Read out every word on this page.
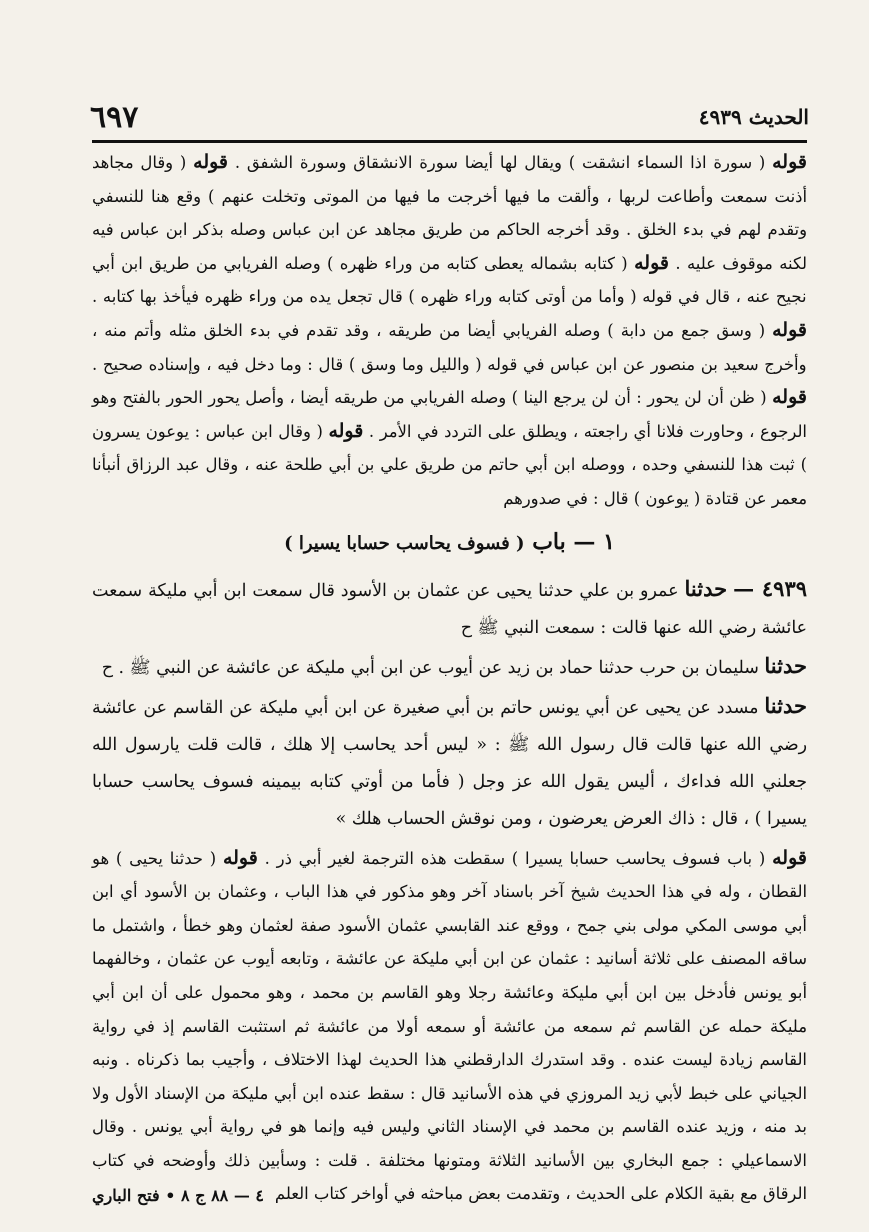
الحديث ٤٩٣٩
٦٩٧

قوله ( سورة اذا السماء انشقت ) ويقال لها أيضا سورة الانشقاق وسورة الشفق . قوله ( وقال مجاهد أذنت سمعت وأطاعت لربها ، وألقت ما فيها أخرجت ما فيها من الموتى وتخلت عنهم ) وقع هنا للنسفي وتقدم لهم في بدء الخلق . وقد أخرجه الحاكم من طريق مجاهد عن ابن عباس وصله بذكر ابن عباس فيه لكنه موقوف عليه . قوله ( كتابه بشماله يعطى كتابه من وراء ظهره ) وصله الفريابي من طريق ابن أبي نجيح عنه ، قال في قوله ( وأما من أوتى كتابه وراء ظهره ) قال تجعل يده من وراء ظهره فيأخذ بها كتابه . قوله ( وسق جمع من دابة ) وصله الفريابي أيضا من طريقه ، وقد تقدم في بدء الخلق مثله وأتم منه ، وأخرج سعيد بن منصور عن ابن عباس في قوله ( والليل وما وسق ) قال : وما دخل فيه ، وإسناده صحيح . قوله ( ظن أن لن يحور : أن لن يرجع الينا ) وصله الفريابي من طريقه أيضا ، وأصل يحور الحور بالفتح وهو الرجوع ، وحاورت فلانا أي راجعته ، ويطلق على التردد في الأمر . قوله ( وقال ابن عباس : يوعون يسرون ) ثبت هذا للنسفي وحده ، ووصله ابن أبي حاتم من طريق علي بن أبي طلحة عنه ، وقال عبد الرزاق أنبأنا معمر عن قتادة ( يوعون ) قال : في صدورهم

١ — باب ( فسوف يحاسب حسابا يسيرا )

٤٩٣٩ — حدثنا عمرو بن علي حدثنا يحيى عن عثمان بن الأسود قال سمعت ابن أبي مليكة سمعت عائشة رضي الله عنها قالت : سمعت النبي ﷺ ح

حدثنا سليمان بن حرب حدثنا حماد بن زيد عن أيوب عن ابن أبي مليكة عن عائشة عن النبي ﷺ . ح

حدثنا مسدد عن يحيى عن أبي يونس حاتم بن أبي صغيرة عن ابن أبي مليكة عن القاسم عن عائشة رضي الله عنها قالت قال رسول الله ﷺ : « ليس أحد يحاسب إلا هلك ، قالت قلت يارسول الله جعلني الله فداءك ، أليس يقول الله عز وجل ( فأما من أوتي كتابه بيمينه فسوف يحاسب حسابا يسيرا ) ، قال : ذاك العرض يعرضون ، ومن نوقش الحساب هلك »

قوله ( باب فسوف يحاسب حسابا يسيرا ) سقطت هذه الترجمة لغير أبي ذر . قوله ( حدثنا يحيى ) هو القطان ، وله في هذا الحديث شيخ آخر باسناد آخر وهو مذكور في هذا الباب ، وعثمان بن الأسود أي ابن أبي موسى المكي مولى بني جمح ، ووقع عند القابسي عثمان الأسود صفة لعثمان وهو خطأ ، واشتمل ما ساقه المصنف على ثلاثة أسانيد : عثمان عن ابن أبي مليكة عن عائشة ، وتابعه أيوب عن عثمان ، وخالفهما أبو يونس فأدخل بين ابن أبي مليكة وعائشة رجلا وهو القاسم بن محمد ، وهو محمول على أن ابن أبي مليكة حمله عن القاسم ثم سمعه من عائشة أو سمعه أولا من عائشة ثم استثبت القاسم إذ في رواية القاسم زيادة ليست عنده . وقد استدرك الدارقطني هذا الحديث لهذا الاختلاف ، وأجيب بما ذكرناه . ونبه الجياني على خبط لأبي زيد المروزي في هذه الأسانيد قال : سقط عنده ابن أبي مليكة من الإسناد الأول ولا بد منه ، وزيد عنده القاسم بن محمد في الإسناد الثاني وليس فيه وإنما هو في رواية أبي يونس . وقال الاسماعيلي : جمع البخاري بين الأسانيد الثلاثة ومتونها مختلفة . قلت : وسأبين ذلك وأوضحه في كتاب الرقاق مع بقية الكلام على الحديث ، وتقدمت بعض مباحثه في أواخر كتاب العلم

٤ — ٨٨ ج ٨ • فتح الباري
